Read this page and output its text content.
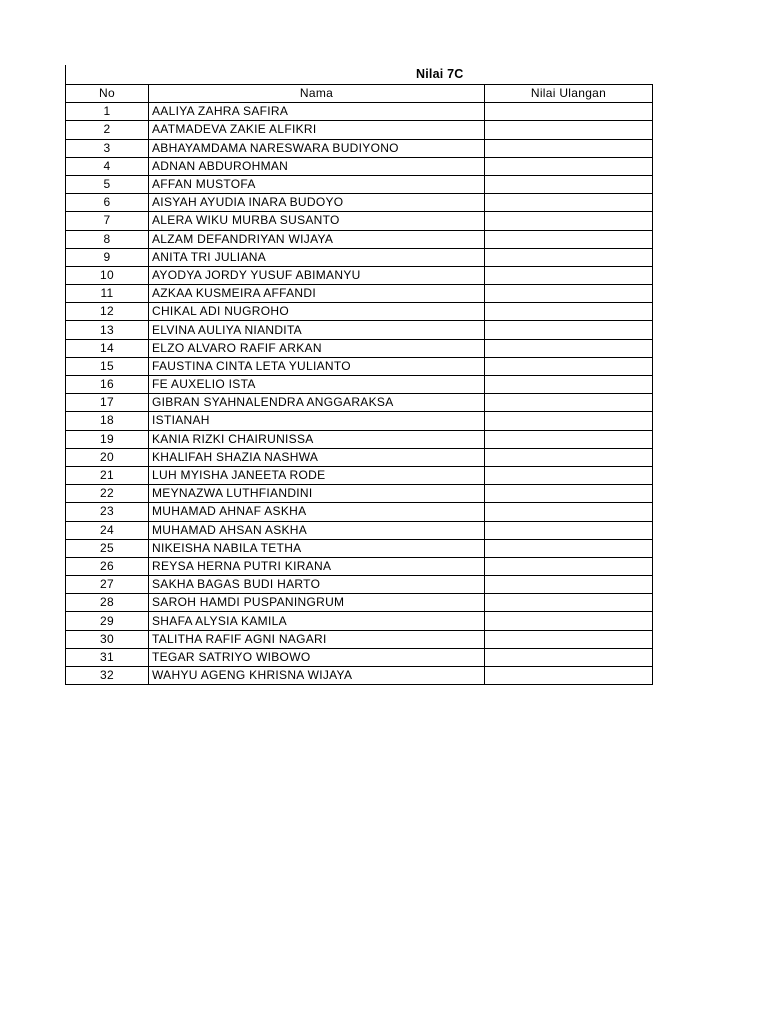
Nilai 7C
No	Nama	Nilai Ulangan
1	AALIYA ZAHRA SAFIRA	
2	AATMADEVA ZAKIE ALFIKRI	
3	ABHAYAMDAMA NARESWARA BUDIYONO	
4	ADNAN ABDUROHMAN	
5	AFFAN MUSTOFA	
6	AISYAH AYUDIA INARA BUDOYO	
7	ALERA WIKU MURBA SUSANTO	
8	ALZAM DEFANDRIYAN WIJAYA	
9	ANITA TRI JULIANA	
10	AYODYA JORDY YUSUF ABIMANYU	
11	AZKAA KUSMEIRA AFFANDI	
12	CHIKAL ADI NUGROHO	
13	ELVINA AULIYA NIANDITA	
14	ELZO ALVARO RAFIF ARKAN	
15	FAUSTINA CINTA LETA YULIANTO	
16	FE AUXELIO ISTA	
17	GIBRAN SYAHNALENDRA ANGGARAKSA	
18	ISTIANAH	
19	KANIA RIZKI CHAIRUNISSA	
20	KHALIFAH SHAZIA NASHWA	
21	LUH MYISHA JANEETA RODE	
22	MEYNAZWA LUTHFIANDINI	
23	MUHAMAD AHNAF ASKHA	
24	MUHAMAD AHSAN ASKHA	
25	NIKEISHA NABILA TETHA	
26	REYSA HERNA PUTRI KIRANA	
27	SAKHA BAGAS BUDI HARTO	
28	SAROH HAMDI PUSPANINGRUM	
29	SHAFA ALYSIA KAMILA	
30	TALITHA RAFIF AGNI NAGARI	
31	TEGAR SATRIYO WIBOWO	
32	WAHYU AGENG KHRISNA WIJAYA	
